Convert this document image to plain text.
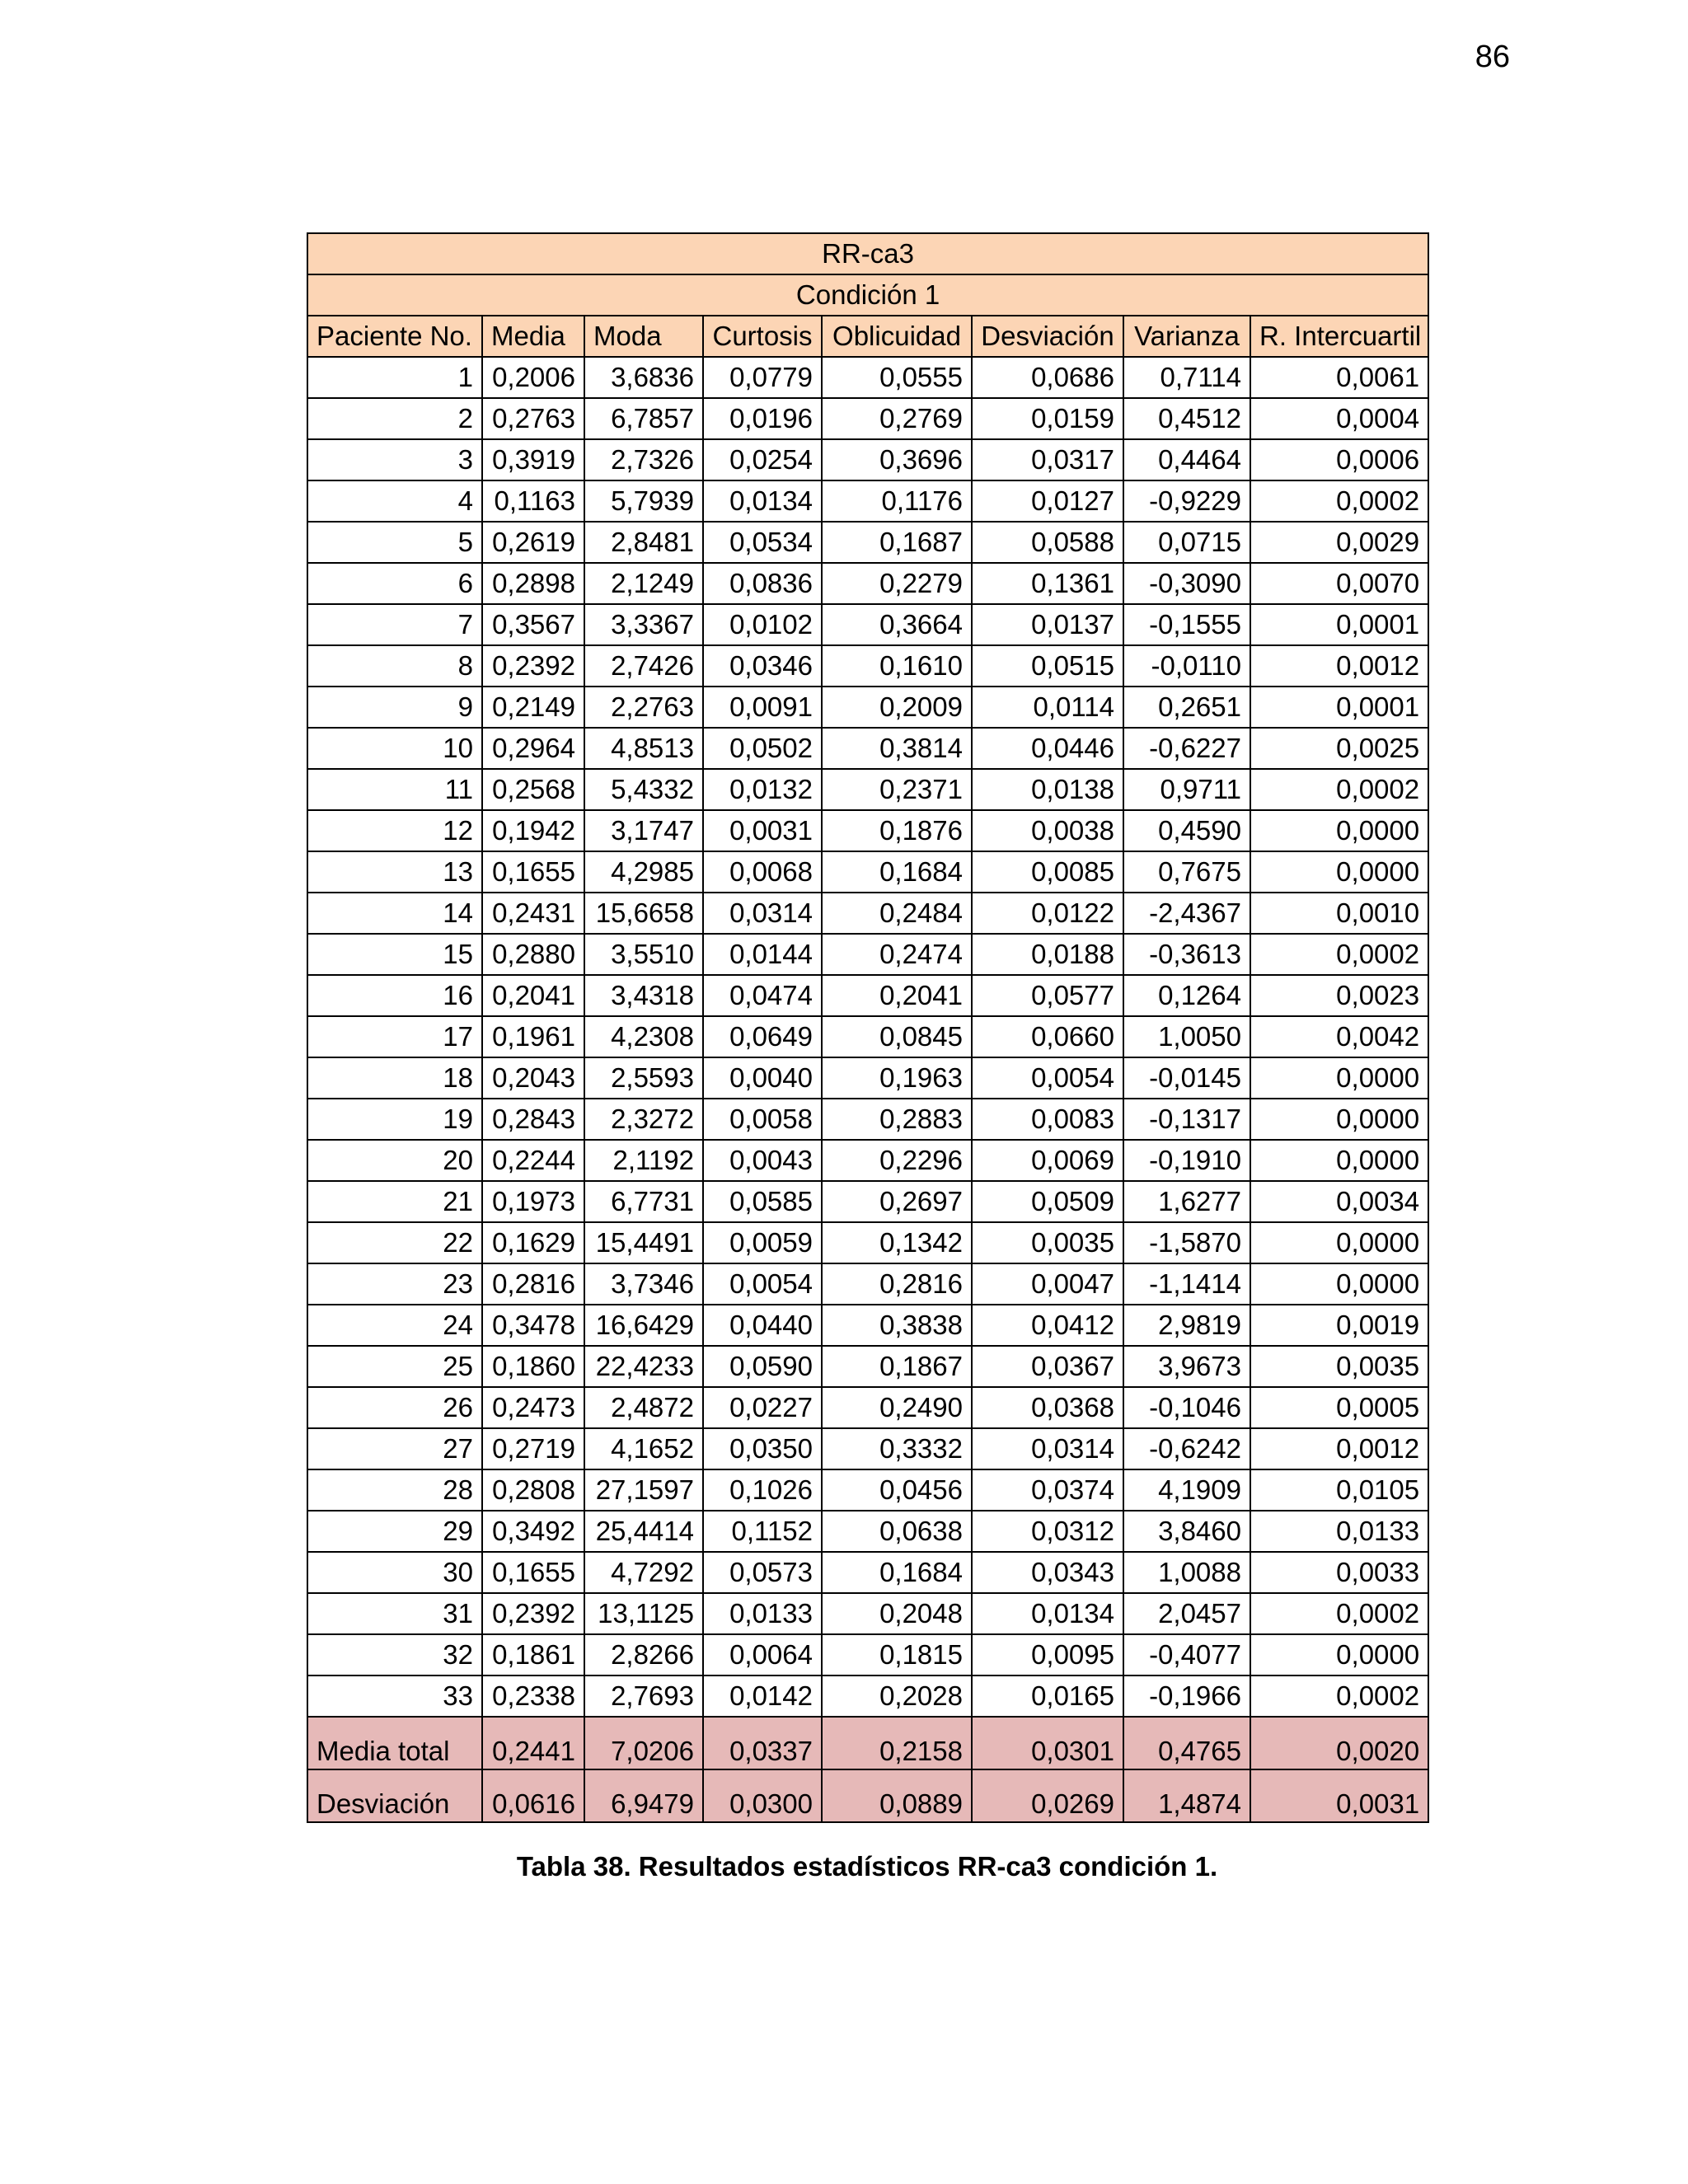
86
RR-ca3							
Condición 1							
Paciente No.	Media	Moda	Curtosis	Oblicuidad	Desviación	Varianza	R. Intercuartil
1	0,2006	3,6836	0,0779	0,0555	0,0686	0,7114	0,0061
2	0,2763	6,7857	0,0196	0,2769	0,0159	0,4512	0,0004
3	0,3919	2,7326	0,0254	0,3696	0,0317	0,4464	0,0006
4	0,1163	5,7939	0,0134	0,1176	0,0127	-0,9229	0,0002
5	0,2619	2,8481	0,0534	0,1687	0,0588	0,0715	0,0029
6	0,2898	2,1249	0,0836	0,2279	0,1361	-0,3090	0,0070
7	0,3567	3,3367	0,0102	0,3664	0,0137	-0,1555	0,0001
8	0,2392	2,7426	0,0346	0,1610	0,0515	-0,0110	0,0012
9	0,2149	2,2763	0,0091	0,2009	0,0114	0,2651	0,0001
10	0,2964	4,8513	0,0502	0,3814	0,0446	-0,6227	0,0025
11	0,2568	5,4332	0,0132	0,2371	0,0138	0,9711	0,0002
12	0,1942	3,1747	0,0031	0,1876	0,0038	0,4590	0,0000
13	0,1655	4,2985	0,0068	0,1684	0,0085	0,7675	0,0000
14	0,2431	15,6658	0,0314	0,2484	0,0122	-2,4367	0,0010
15	0,2880	3,5510	0,0144	0,2474	0,0188	-0,3613	0,0002
16	0,2041	3,4318	0,0474	0,2041	0,0577	0,1264	0,0023
17	0,1961	4,2308	0,0649	0,0845	0,0660	1,0050	0,0042
18	0,2043	2,5593	0,0040	0,1963	0,0054	-0,0145	0,0000
19	0,2843	2,3272	0,0058	0,2883	0,0083	-0,1317	0,0000
20	0,2244	2,1192	0,0043	0,2296	0,0069	-0,1910	0,0000
21	0,1973	6,7731	0,0585	0,2697	0,0509	1,6277	0,0034
22	0,1629	15,4491	0,0059	0,1342	0,0035	-1,5870	0,0000
23	0,2816	3,7346	0,0054	0,2816	0,0047	-1,1414	0,0000
24	0,3478	16,6429	0,0440	0,3838	0,0412	2,9819	0,0019
25	0,1860	22,4233	0,0590	0,1867	0,0367	3,9673	0,0035
26	0,2473	2,4872	0,0227	0,2490	0,0368	-0,1046	0,0005
27	0,2719	4,1652	0,0350	0,3332	0,0314	-0,6242	0,0012
28	0,2808	27,1597	0,1026	0,0456	0,0374	4,1909	0,0105
29	0,3492	25,4414	0,1152	0,0638	0,0312	3,8460	0,0133
30	0,1655	4,7292	0,0573	0,1684	0,0343	1,0088	0,0033
31	0,2392	13,1125	0,0133	0,2048	0,0134	2,0457	0,0002
32	0,1861	2,8266	0,0064	0,1815	0,0095	-0,4077	0,0000
33	0,2338	2,7693	0,0142	0,2028	0,0165	-0,1966	0,0002
Media total	0,2441	7,0206	0,0337	0,2158	0,0301	0,4765	0,0020
Desviación	0,0616	6,9479	0,0300	0,0889	0,0269	1,4874	0,0031
Tabla 38. Resultados estadísticos RR-ca3 condición 1.
